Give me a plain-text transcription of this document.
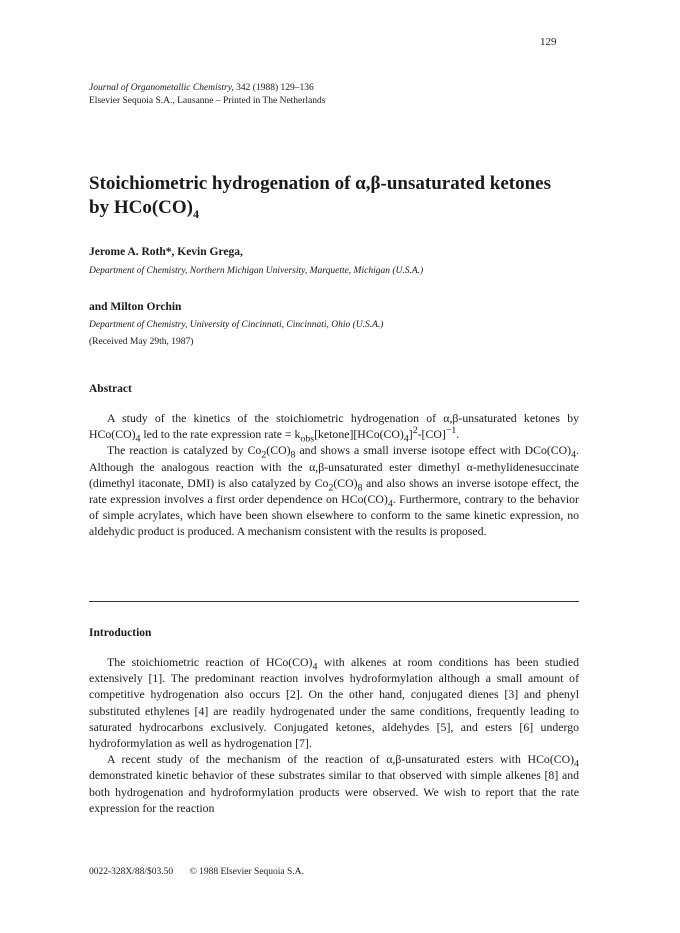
129
Journal of Organometallic Chemistry, 342 (1988) 129–136
Elsevier Sequoia S.A., Lausanne – Printed in The Netherlands
Stoichiometric hydrogenation of α,β-unsaturated ketones
by $HCo(CO)_4$
Jerome A. Roth*, Kevin Grega,
Department of Chemistry, Northern Michigan University, Marquette, Michigan (U.S.A.)
and Milton Orchin
Department of Chemistry, University of Cincinnati, Cincinnati, Ohio (U.S.A.)
(Received May 29th, 1987)
Abstract

A study of the kinetics of the stoichiometric hydrogenation of α,β-unsaturated ketones by $HCo(CO)_4$ led to the rate expression rate = $k_{obs}[ketone][HCo(CO)_4]^2-[CO]^{-1}$.

The reaction is catalyzed by $Co_2(CO)_8$ and shows a small inverse isotope effect with $DCo(CO)_4$. Although the analogous reaction with the α,β-unsaturated ester dimethyl α-methylidenesuccinate (dimethyl itaconate, DMI) is also catalyzed by $Co_2(CO)_8$ and also shows an inverse isotope effect, the rate expression involves a first order dependence on $HCo(CO)_4$. Furthermore, contrary to the behavior of simple acrylates, which have been shown elsewhere to conform to the same kinetic expression, no aldehydic product is produced. A mechanism consistent with the results is proposed.

Introduction

The stoichiometric reaction of $HCo(CO)_4$ with alkenes at room conditions has been studied extensively [1]. The predominant reaction involves hydroformylation although a small amount of competitive hydrogenation also occurs [2]. On the other hand, conjugated dienes [3] and phenyl substituted ethylenes [4] are readily hydrogenated under the same conditions, frequently leading to saturated hydrocarbons exclusively. Conjugated ketones, aldehydes [5], and esters [6] undergo hydroformylation as well as hydrogenation [7].

A recent study of the mechanism of the reaction of α,β-unsaturated esters with $HCo(CO)_4$ demonstrated kinetic behavior of these substrates similar to that observed with simple alkenes [8] and both hydrogenation and hydroformylation products were observed. We wish to report that the rate expression for the reaction

0022-328X/88/$03.50 © 1988 Elsevier Sequoia S.A.
